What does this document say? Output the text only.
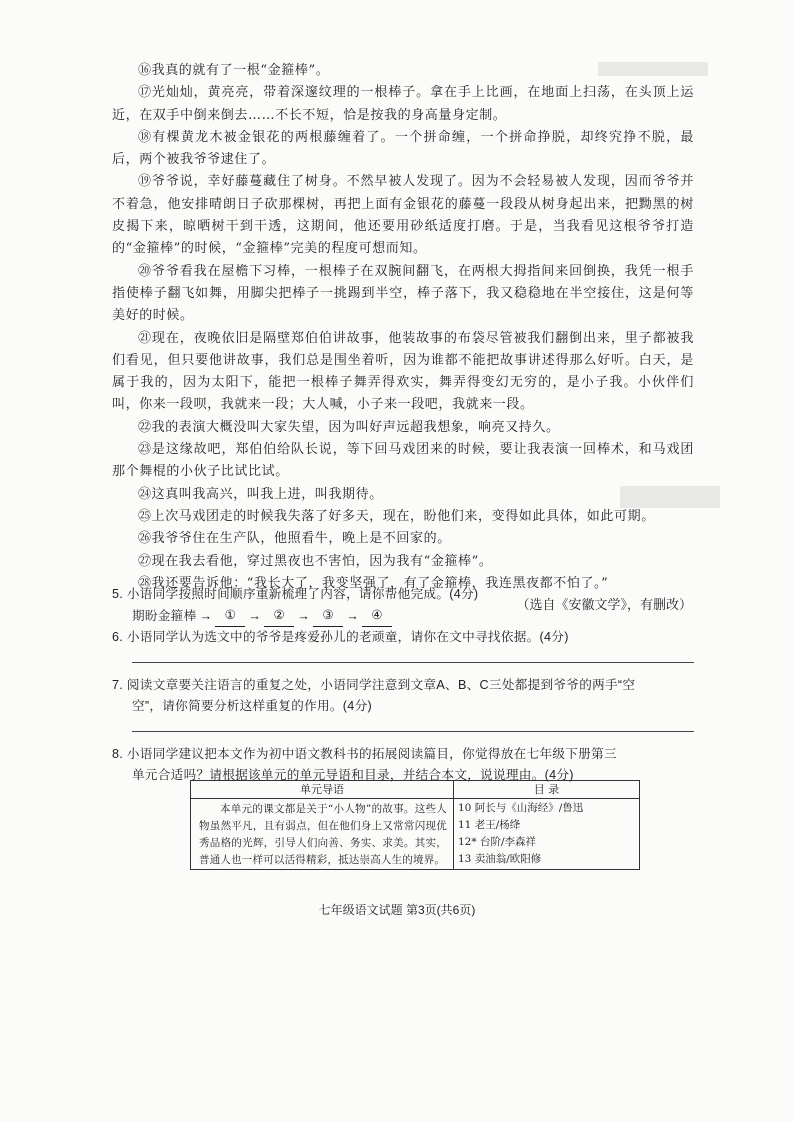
⑯我真的就有了一根“金箍棒”。

⑰光灿灿，黄亮亮，带着深邃纹理的一根棒子。拿在手上比画，在地面上扫荡，在头顶上运近，在双手中倒来倒去……不长不短，恰是按我的身高量身定制。

⑱有棵黄龙木被金银花的两根藤缠着了。一个拼命缠，一个拼命挣脱，却终究挣不脱，最后，两个被我爷爷逮住了。

⑲爷爷说，幸好藤蔓藏住了树身。不然早被人发现了。因为不会轻易被人发现，因而爷爷并不着急，他安排晴朗日子砍那棵树，再把上面有金银花的藤蔓一段段从树身起出来，把黝黑的树皮揭下来，晾晒树干到干透，这期间，他还要用砂纸适度打磨。于是，当我看见这根爷爷打造的“金箍棒”的时候，“金箍棒”完美的程度可想而知。

⑳爷爷看我在屋檐下习棒，一根棒子在双腕间翻飞，在两根大拇指间来回倒换，我凭一根手指使棒子翻飞如舞，用脚尖把棒子一挑踢到半空，棒子落下，我又稳稳地在半空接住，这是何等美好的时候。

㉑现在，夜晚依旧是隔壁郑伯伯讲故事，他装故事的布袋尽管被我们翻倒出来，里子都被我们看见，但只要他讲故事，我们总是围坐着听，因为谁都不能把故事讲述得那么好听。白天，是属于我的，因为太阳下，能把一根棒子舞弄得欢实，舞弄得变幻无穷的，是小子我。小伙伴们叫，你来一段呗，我就来一段；大人喊，小子来一段吧，我就来一段。

㉒我的表演大概没叫大家失望，因为叫好声远超我想象，响亮又持久。

㉓是这缘故吧，郑伯伯给队长说，等下回马戏团来的时候，要让我表演一回棒术，和马戏团那个舞棍的小伙子比试比试。

㉔这真叫我高兴，叫我上进，叫我期待。

㉕上次马戏团走的时候我失落了好多天，现在，盼他们来，变得如此具体，如此可期。

㉖我爷爷住在生产队，他照看牛，晚上是不回家的。

㉗现在我去看他，穿过黑夜也不害怕，因为我有“金箍棒”。

㉘我还要告诉他：“我长大了，我变坚强了，有了金箍棒，我连黑夜都不怕了。”

（选自《安徽文学》，有删改）

5. 小语同学按照时间顺序重新梳理了内容，请你帮他完成。(4分)

期盼金箍棒 → ① → ② → ③ → ④

6. 小语同学认为选文中的爷爷是疼爱孙儿的老顽童，请你在文中寻找依据。(4分)

7. 阅读文章要关注语言的重复之处，小语同学注意到文章A、B、C三处都提到爷爷的两手“空

空”，请你简要分析这样重复的作用。(4分)

8. 小语同学建议把本文作为初中语文教科书的拓展阅读篇目，你觉得放在七年级下册第三

单元合适吗？请根据该单元的单元导语和目录，并结合本文，说说理由。(4分)

单元导语
本单元的课文都是关于“小人物”的故事。这些人物虽然平凡，且有弱点，但在他们身上又常常闪现优秀品格的光辉，引导人们向善、务实、求美。其实，普通人也一样可以活得精彩，抵达崇高人生的境界。
目 录
10 阿长与《山海经》/鲁迅
11 老王/杨绛
12* 台阶/李森祥
13 卖油翁/欧阳修
七年级语文试题 第3页(共6页)
